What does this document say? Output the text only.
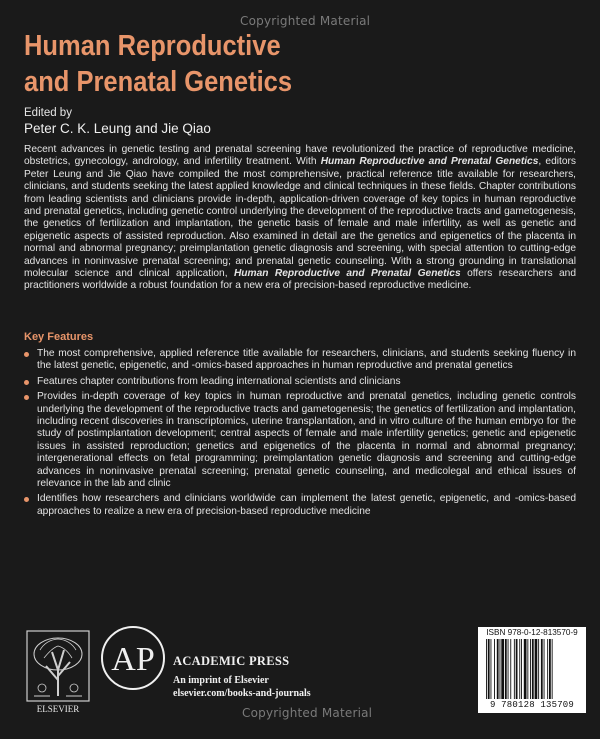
Copyrighted Material
Human Reproductive
and Prenatal Genetics
Edited by
Peter C. K. Leung and Jie Qiao
Recent advances in genetic testing and prenatal screening have revolutionized the practice of reproductive medicine, obstetrics, gynecology, andrology, and infertility treatment. With Human Reproductive and Prenatal Genetics, editors Peter Leung and Jie Qiao have compiled the most comprehensive, practical reference title available for researchers, clinicians, and students seeking the latest applied knowledge and clinical techniques in these fields. Chapter contributions from leading scientists and clinicians provide in-depth, application-driven coverage of key topics in human reproductive and prenatal genetics, including genetic control underlying the development of the reproductive tracts and gametogenesis, the genetics of fertilization and implantation, the genetic basis of female and male infertility, as well as genetic and epigenetic aspects of assisted reproduction. Also examined in detail are the genetics and epigenetics of the placenta in normal and abnormal pregnancy; preimplantation genetic diagnosis and screening, with special attention to cutting-edge advances in noninvasive prenatal screening; and prenatal genetic counseling. With a strong grounding in translational molecular science and clinical application, Human Reproductive and Prenatal Genetics offers researchers and practitioners worldwide a robust foundation for a new era of precision-based reproductive medicine.
Key Features
The most comprehensive, applied reference title available for researchers, clinicians, and students seeking fluency in the latest genetic, epigenetic, and -omics-based approaches in human reproductive and prenatal genetics
Features chapter contributions from leading international scientists and clinicians
Provides in-depth coverage of key topics in human reproductive and prenatal genetics, including genetic controls underlying the development of the reproductive tracts and gametogenesis; the genetics of fertilization and implantation, including recent discoveries in transcriptomics, uterine transplantation, and in vitro culture of the human embryo for the study of postimplantation development; central aspects of female and male infertility genetics; genetic and epigenetic issues in assisted reproduction; genetics and epigenetics of the placenta in normal and abnormal pregnancy; intergenerational effects on fetal programming; preimplantation genetic diagnosis and screening and cutting-edge advances in noninvasive prenatal screening; prenatal genetic counseling, and medicolegal and ethical issues of relevance in the lab and clinic
Identifies how researchers and clinicians worldwide can implement the latest genetic, epigenetic, and -omics-based approaches to realize a new era of precision-based reproductive medicine
ELSEVIER
AP ACADEMIC PRESS
An imprint of Elsevier
elsevier.com/books-and-journals
ISBN 978-0-12-813570-9
9 780128 135709
Copyrighted Material
